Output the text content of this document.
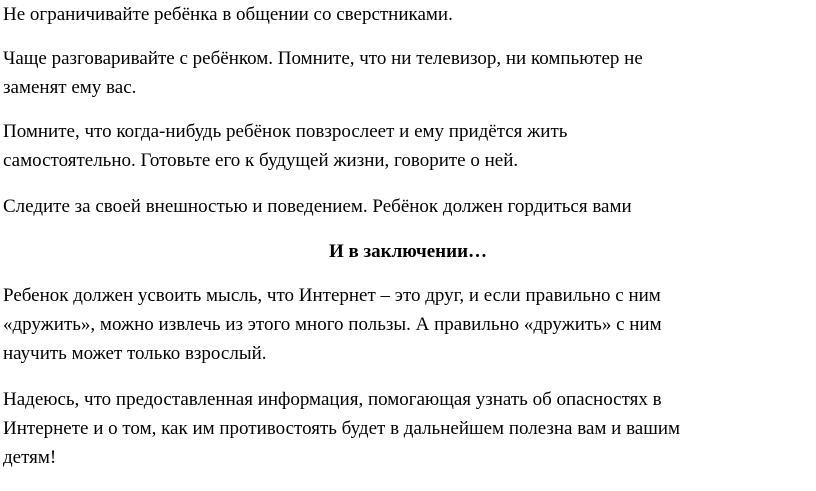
Не ограничивайте ребёнка в общении со сверстниками.

Чаще разговаривайте с ребёнком. Помните, что ни телевизор, ни компьютер не
заменят ему вас.

Помните, что когда-нибудь ребёнок повзрослеет и ему придётся жить
самостоятельно. Готовьте его к будущей жизни, говорите о ней.

Следите за своей внешностью и поведением. Ребёнок должен гордиться вами

И в заключении…

Ребенок должен усвоить мысль, что Интернет – это друг, и если правильно с ним
«дружить», можно извлечь из этого много пользы. А правильно «дружить» с ним
научить может только взрослый.

Надеюсь, что предоставленная информация, помогающая узнать об опасностях в
Интернете и о том, как им противостоять будет в дальнейшем полезна вам и вашим
детям!
